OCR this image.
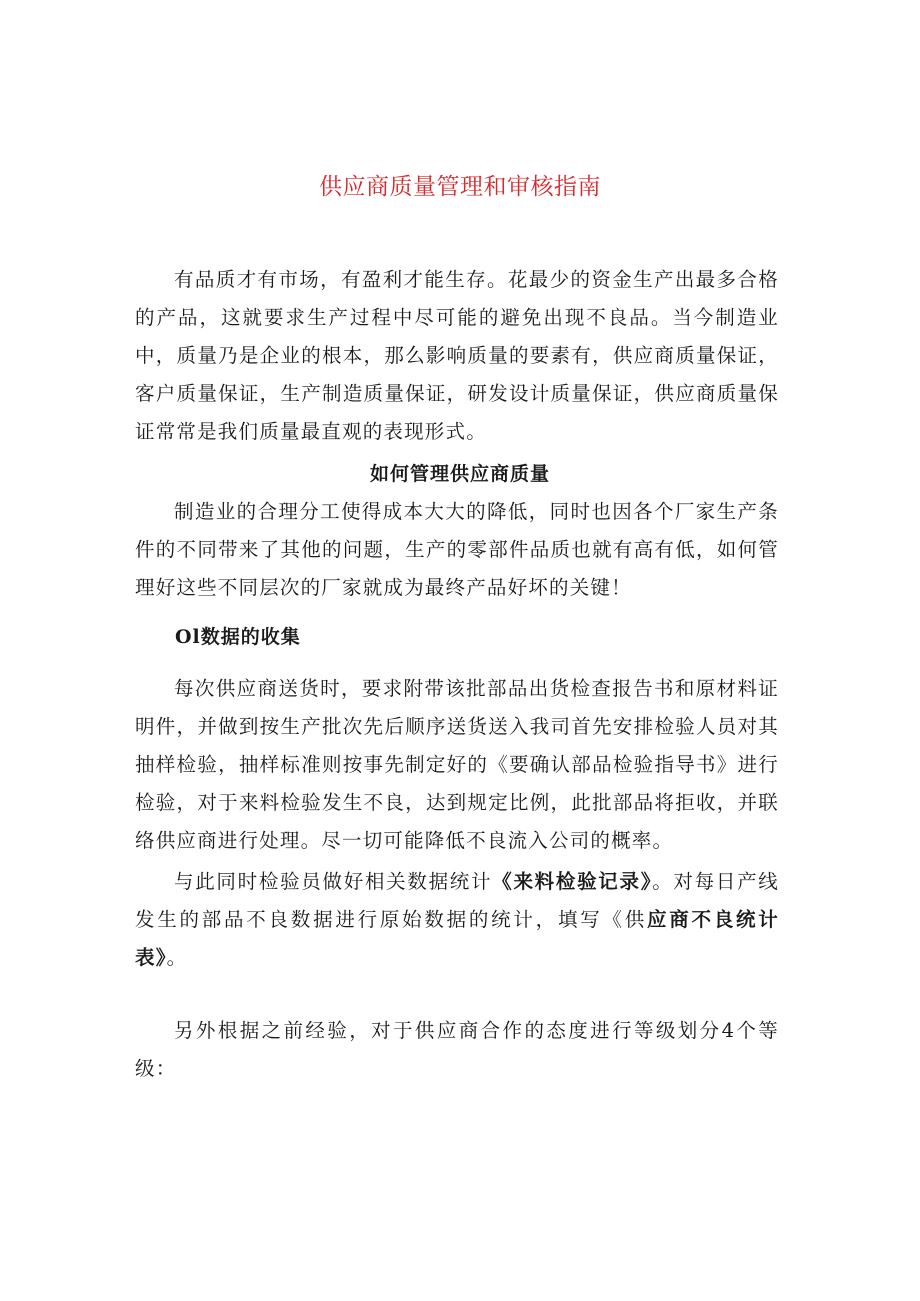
供应商质量管理和审核指南

有品质才有市场，有盈利才能生存。花最少的资金生产出最多合格的产品，这就要求生产过程中尽可能的避免出现不良品。当今制造业中，质量乃是企业的根本，那么影响质量的要素有，供应商质量保证，客户质量保证，生产制造质量保证，研发设计质量保证，供应商质量保证常常是我们质量最直观的表现形式。

如何管理供应商质量

制造业的合理分工使得成本大大的降低，同时也因各个厂家生产条件的不同带来了其他的问题，生产的零部件品质也就有高有低，如何管理好这些不同层次的厂家就成为最终产品好坏的关键！

Ol数据的收集

每次供应商送货时，要求附带该批部品出货检查报告书和原材料证明件，并做到按生产批次先后顺序送货送入我司首先安排检验人员对其抽样检验，抽样标准则按事先制定好的《要确认部品检验指导书》进行检验，对于来料检验发生不良，达到规定比例，此批部品将拒收，并联络供应商进行处理。尽一切可能降低不良流入公司的概率。

与此同时检验员做好相关数据统计《来料检验记录》。对每日产线发生的部品不良数据进行原始数据的统计，填写《供应商不良统计表》。

另外根据之前经验，对于供应商合作的态度进行等级划分4个等级：
